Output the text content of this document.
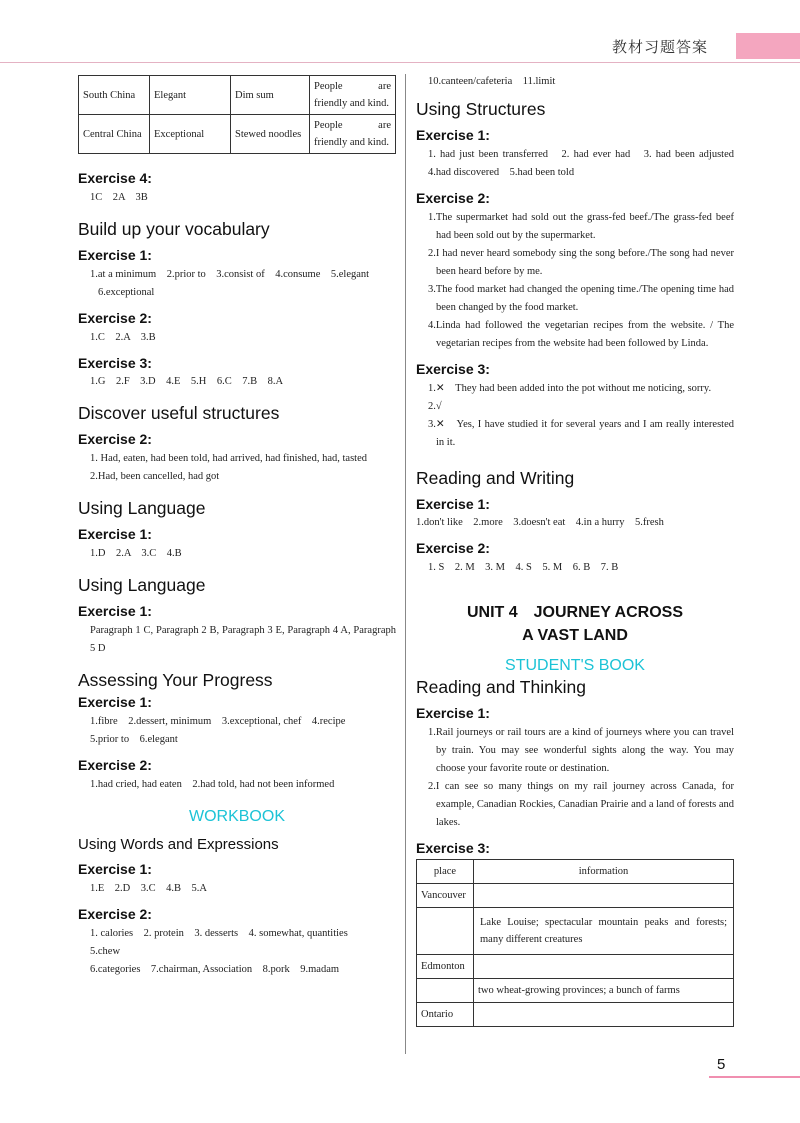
教材习题答案
South China	Elegant	Dim sum	People are friendly and kind.
Central China	Exceptional	Stewed noodles	People are friendly and kind.
Exercise 4:
1C　2A　3B
Build up your vocabulary
Exercise 1:
1.at a minimum　2.prior to　3.consist of　4.consume　5.elegant
6.exceptional
Exercise 2:
1.C　2.A　3.B
Exercise 3:
1.G　2.F　3.D　4.E　5.H　6.C　7.B　8.A
Discover useful structures
Exercise 2:
1. Had, eaten, had been told, had arrived, had finished, had, tasted
2.Had, been cancelled, had got
Using Language
Exercise 1:
1.D　2.A　3.C　4.B
Using Language
Exercise 1:
Paragraph 1 C, Paragraph 2 B, Paragraph 3 E, Paragraph 4 A, Paragraph 5 D
Assessing Your Progress
Exercise 1:
1.fibre　2.dessert, minimum　3.exceptional, chef　4.recipe
5.prior to　6.elegant
Exercise 2:
1.had cried, had eaten　2.had told, had not been informed
WORKBOOK
Using Words and Expressions
Exercise 1:
1.E　2.D　3.C　4.B　5.A
Exercise 2:
1. calories　2. protein　3. desserts　4. somewhat, quantities
5.chew
6.categories　7.chairman, Association　8.pork　9.madam
10.canteen/cafeteria　11.limit
Using Structures
Exercise 1:
1. had just been transferred　2. had ever had　3. had been adjusted　4.had discovered　5.had been told
Exercise 2:
1.The supermarket had sold out the grass-fed beef./The grass-fed beef had been sold out by the supermarket.
2.I had never heard somebody sing the song before./The song had never been heard before by me.
3.The food market had changed the opening time./The opening time had been changed by the food market.
4.Linda had followed the vegetarian recipes from the website. / The vegetarian recipes from the website had been followed by Linda.
Exercise 3:
1.✕　They had been added into the pot without me noticing, sorry.
2.√
3.✕　Yes, I have studied it for several years and I am really interested in it.
Reading and Writing
Exercise 1:
1.don't like　2.more　3.doesn't eat　4.in a hurry　5.fresh
Exercise 2:
1. S　2. M　3. M　4. S　5. M　6. B　7. B
UNIT 4　JOURNEY ACROSS
A VAST LAND
STUDENT'S BOOK
Reading and Thinking
Exercise 1:
1.Rail journeys or rail tours are a kind of journeys where you can travel by train. You may see wonderful sights along the way. You may choose your favorite route or destination.
2.I can see so many things on my rail journey across Canada, for example, Canadian Rockies, Canadian Prairie and a land of forests and lakes.
Exercise 3:
place	information
Vancouver	
	Lake Louise; spectacular mountain peaks and forests; many different creatures
Edmonton	
	two wheat-growing provinces; a bunch of farms
Ontario	
5
